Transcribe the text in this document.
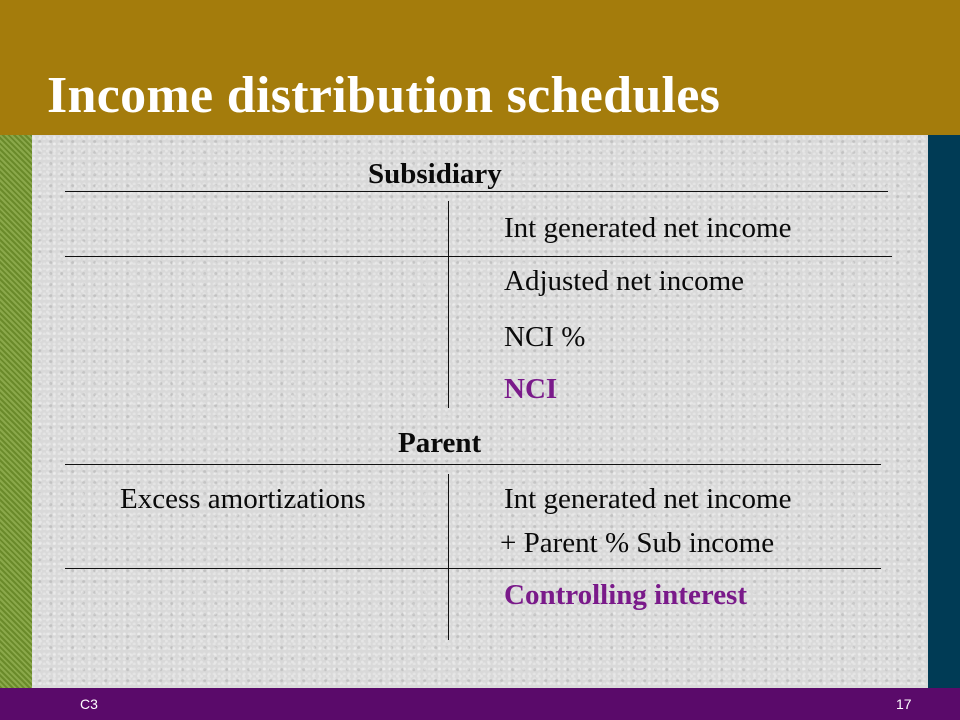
Income distribution schedules
Subsidiary
Int generated net income
Adjusted net income
NCI %
NCI
Parent
Excess amortizations	Int generated net income
+ Parent % Sub income
Controlling interest
C3	17
